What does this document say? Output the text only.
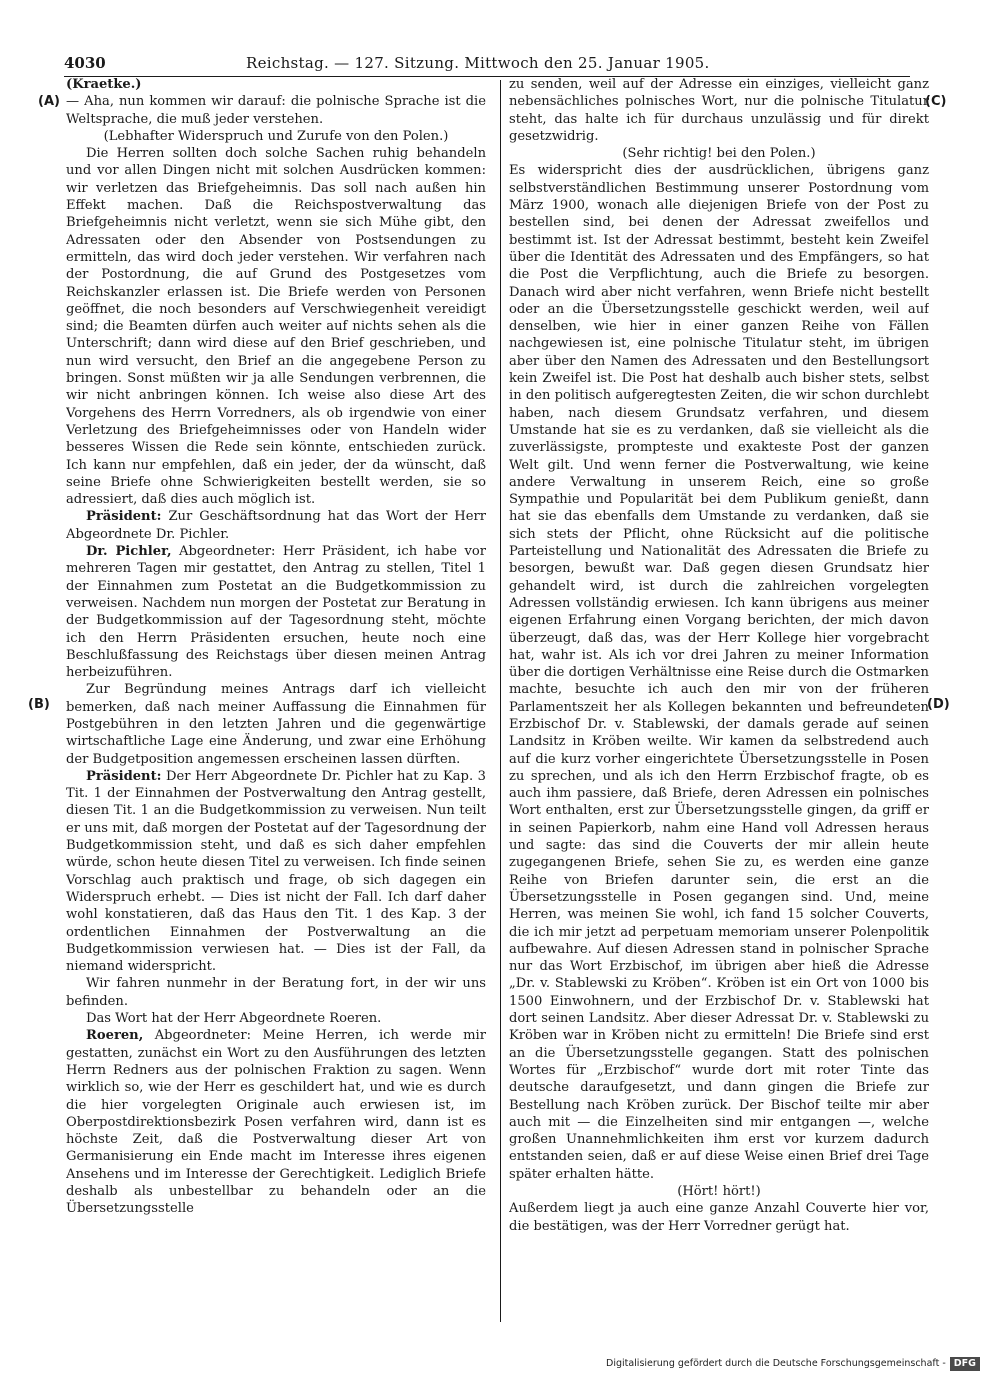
4030	Reichstag. — 127. Sitzung. Mittwoch den 25. Januar 1905.
(A)
(B)
(C)
(D)

(Kraetke.)

— Aha, nun kommen wir darauf: die polnische Sprache ist die Weltsprache, die muß jeder verstehen.

(Lebhafter Widerspruch und Zurufe von den Polen.)

Die Herren sollten doch solche Sachen ruhig behandeln und vor allen Dingen nicht mit solchen Ausdrücken kommen: wir verletzen das Briefgeheimnis. Das soll nach außen hin Effekt machen. Daß die Reichspostverwaltung das Briefgeheimnis nicht verletzt, wenn sie sich Mühe gibt, den Adressaten oder den Absender von Postsendungen zu ermitteln, das wird doch jeder verstehen. Wir verfahren nach der Postordnung, die auf Grund des Postgesetzes vom Reichskanzler erlassen ist. Die Briefe werden von Personen geöffnet, die noch besonders auf Verschwiegenheit vereidigt sind; die Beamten dürfen auch weiter auf nichts sehen als die Unterschrift; dann wird diese auf den Brief geschrieben, und nun wird versucht, den Brief an die angegebene Person zu bringen. Sonst müßten wir ja alle Sendungen verbrennen, die wir nicht anbringen können. Ich weise also diese Art des Vorgehens des Herrn Vorredners, als ob irgendwie von einer Verletzung des Briefgeheimnisses oder von Handeln wider besseres Wissen die Rede sein könnte, entschieden zurück. Ich kann nur empfehlen, daß ein jeder, der da wünscht, daß seine Briefe ohne Schwierigkeiten bestellt werden, sie so adressiert, daß dies auch möglich ist.

Präsident: Zur Geschäftsordnung hat das Wort der Herr Abgeordnete Dr. Pichler.

Dr. Pichler, Abgeordneter: Herr Präsident, ich habe vor mehreren Tagen mir gestattet, den Antrag zu stellen, Titel 1 der Einnahmen zum Postetat an die Budgetkommission zu verweisen. Nachdem nun morgen der Postetat zur Beratung in der Budgetkommission auf der Tagesordnung steht, möchte ich den Herrn Präsidenten ersuchen, heute noch eine Beschlußfassung des Reichstags über diesen meinen Antrag herbeizuführen.

Zur Begründung meines Antrags darf ich vielleicht bemerken, daß nach meiner Auffassung die Einnahmen für Postgebühren in den letzten Jahren und die gegenwärtige wirtschaftliche Lage eine Änderung, und zwar eine Erhöhung der Budgetposition angemessen erscheinen lassen dürften.

Präsident: Der Herr Abgeordnete Dr. Pichler hat zu Kap. 3 Tit. 1 der Einnahmen der Postverwaltung den Antrag gestellt, diesen Tit. 1 an die Budgetkommission zu verweisen. Nun teilt er uns mit, daß morgen der Postetat auf der Tagesordnung der Budgetkommission steht, und daß es sich daher empfehlen würde, schon heute diesen Titel zu verweisen. Ich finde seinen Vorschlag auch praktisch und frage, ob sich dagegen ein Widerspruch erhebt. — Dies ist nicht der Fall. Ich darf daher wohl konstatieren, daß das Haus den Tit. 1 des Kap. 3 der ordentlichen Einnahmen der Postverwaltung an die Budgetkommission verwiesen hat. — Dies ist der Fall, da niemand widerspricht.

Wir fahren nunmehr in der Beratung fort, in der wir uns befinden.

Das Wort hat der Herr Abgeordnete Roeren.

Roeren, Abgeordneter: Meine Herren, ich werde mir gestatten, zunächst ein Wort zu den Ausführungen des letzten Herrn Redners aus der polnischen Fraktion zu sagen. Wenn wirklich so, wie der Herr es geschildert hat, und wie es durch die hier vorgelegten Originale auch erwiesen ist, im Oberpostdirektionsbezirk Posen verfahren wird, dann ist es höchste Zeit, daß die Postverwaltung dieser Art von Germanisierung ein Ende macht im Interesse ihres eigenen Ansehens und im Interesse der Gerechtigkeit. Lediglich Briefe deshalb als unbestellbar zu behandeln oder an die Übersetzungsstelle

zu senden, weil auf der Adresse ein einziges, vielleicht ganz nebensächliches polnisches Wort, nur die polnische Titulatur steht, das halte ich für durchaus unzulässig und für direkt gesetzwidrig.

(Sehr richtig! bei den Polen.)

Es widerspricht dies der ausdrücklichen, übrigens ganz selbstverständlichen Bestimmung unserer Postordnung vom März 1900, wonach alle diejenigen Briefe von der Post zu bestellen sind, bei denen der Adressat zweifellos und bestimmt ist. Ist der Adressat bestimmt, besteht kein Zweifel über die Identität des Adressaten und des Empfängers, so hat die Post die Verpflichtung, auch die Briefe zu besorgen. Danach wird aber nicht verfahren, wenn Briefe nicht bestellt oder an die Übersetzungsstelle geschickt werden, weil auf denselben, wie hier in einer ganzen Reihe von Fällen nachgewiesen ist, eine polnische Titulatur steht, im übrigen aber über den Namen des Adressaten und den Bestellungsort kein Zweifel ist. Die Post hat deshalb auch bisher stets, selbst in den politisch aufgeregtesten Zeiten, die wir schon durchlebt haben, nach diesem Grundsatz verfahren, und diesem Umstande hat sie es zu verdanken, daß sie vielleicht als die zuverlässigste, prompteste und exakteste Post der ganzen Welt gilt. Und wenn ferner die Postverwaltung, wie keine andere Verwaltung in unserem Reich, eine so große Sympathie und Popularität bei dem Publikum genießt, dann hat sie das ebenfalls dem Umstande zu verdanken, daß sie sich stets der Pflicht, ohne Rücksicht auf die politische Parteistellung und Nationalität des Adressaten die Briefe zu besorgen, bewußt war. Daß gegen diesen Grundsatz hier gehandelt wird, ist durch die zahlreichen vorgelegten Adressen vollständig erwiesen. Ich kann übrigens aus meiner eigenen Erfahrung einen Vorgang berichten, der mich davon überzeugt, daß das, was der Herr Kollege hier vorgebracht hat, wahr ist. Als ich vor drei Jahren zu meiner Information über die dortigen Verhältnisse eine Reise durch die Ostmarken machte, besuchte ich auch den mir von der früheren Parlamentszeit her als Kollegen bekannten und befreundeten Erzbischof Dr. v. Stablewski, der damals gerade auf seinen Landsitz in Kröben weilte. Wir kamen da selbstredend auch auf die kurz vorher eingerichtete Übersetzungsstelle in Posen zu sprechen, und als ich den Herrn Erzbischof fragte, ob es auch ihm passiere, daß Briefe, deren Adressen ein polnisches Wort enthalten, erst zur Übersetzungsstelle gingen, da griff er in seinen Papierkorb, nahm eine Hand voll Adressen heraus und sagte: das sind die Couverts der mir allein heute zugegangenen Briefe, sehen Sie zu, es werden eine ganze Reihe von Briefen darunter sein, die erst an die Übersetzungsstelle in Posen gegangen sind. Und, meine Herren, was meinen Sie wohl, ich fand 15 solcher Couverts, die ich mir jetzt ad perpetuam memoriam unserer Polenpolitik aufbewahre. Auf diesen Adressen stand in polnischer Sprache nur das Wort Erzbischof, im übrigen aber hieß die Adresse „Dr. v. Stablewski zu Kröben“. Kröben ist ein Ort von 1000 bis 1500 Einwohnern, und der Erzbischof Dr. v. Stablewski hat dort seinen Landsitz. Aber dieser Adressat Dr. v. Stablewski zu Kröben war in Kröben nicht zu ermitteln! Die Briefe sind erst an die Übersetzungsstelle gegangen. Statt des polnischen Wortes für „Erzbischof“ wurde dort mit roter Tinte das deutsche daraufgesetzt, und dann gingen die Briefe zur Bestellung nach Kröben zurück. Der Bischof teilte mir aber auch mit — die Einzelheiten sind mir entgangen —, welche großen Unannehmlichkeiten ihm erst vor kurzem dadurch entstanden seien, daß er auf diese Weise einen Brief drei Tage später erhalten hätte.

(Hört! hört!)

Außerdem liegt ja auch eine ganze Anzahl Couverte hier vor, die bestätigen, was der Herr Vorredner gerügt hat.

Digitalisierung gefördert durch die Deutsche Forschungsgemeinschaft - DFG
